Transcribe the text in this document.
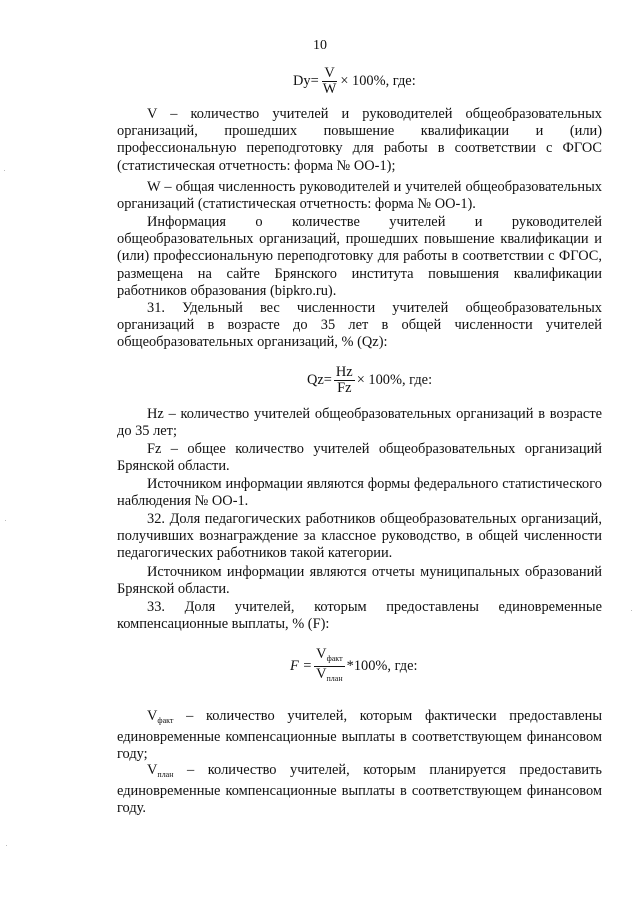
10
$Dy= \frac{V}{W} \times 100\%$, где:
V – количество учителей и руководителей общеобразовательных организаций, прошедших повышение квалификации и (или) профессиональную переподготовку для работы в соответствии с ФГОС (статистическая отчетность: форма № ОО-1);
W – общая численность руководителей и учителей общеобразовательных организаций (статистическая отчетность: форма № ОО-1).
Информация о количестве учителей и руководителей общеобразовательных организаций, прошедших повышение квалификации и (или) профессиональную переподготовку для работы в соответствии с ФГОС, размещена на сайте Брянского института повышения квалификации работников образования (bipkro.ru).
31. Удельный вес численности учителей общеобразовательных организаций в возрасте до 35 лет в общей численности учителей общеобразовательных организаций, % (Qz):
$Qz= \frac{Hz}{Fz} \times 100\%$, где:
Hz – количество учителей общеобразовательных организаций в возрасте до 35 лет;
Fz – общее количество учителей общеобразовательных организаций Брянской области.
Источником информации являются формы федерального статистического наблюдения № ОО-1.
32. Доля педагогических работников общеобразовательных организаций, получивших вознаграждение за классное руководство, в общей численности педагогических работников такой категории.
Источником информации являются отчеты муниципальных образований Брянской области.
33. Доля учителей, которым предоставлены единовременные компенсационные выплаты, % (F):
$F = \frac{V_{факт}}{V_{план}} *100\%$, где:
$V_{факт}$ – количество учителей, которым фактически предоставлены единовременные компенсационные выплаты в соответствующем финансовом году;
$V_{план}$ – количество учителей, которым планируется предоставить единовременные компенсационные выплаты в соответствующем финансовом году.
